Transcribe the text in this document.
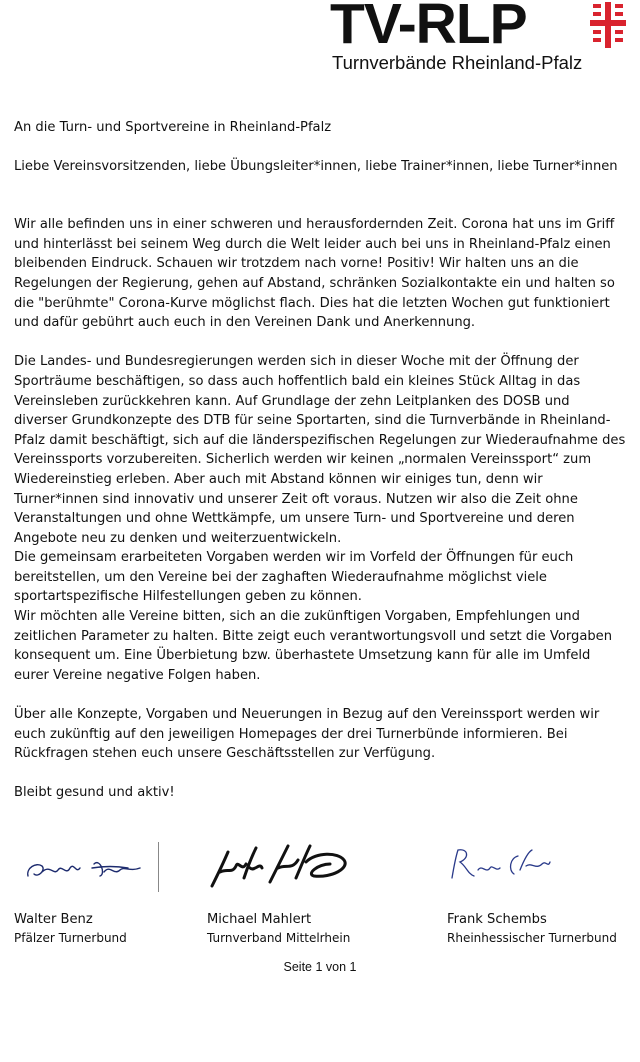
TV-RLP
Turnverbände Rheinland-Pfalz

An die Turn- und Sportvereine in Rheinland-Pfalz

Liebe Vereinsvorsitzenden, liebe Übungsleiter*innen, liebe Trainer*innen, liebe Turner*innen

Wir alle befinden uns in einer schweren und herausfordernden Zeit. Corona hat uns im Griff und hinterlässt bei seinem Weg durch die Welt leider auch bei uns in Rheinland-Pfalz einen bleibenden Eindruck. Schauen wir trotzdem nach vorne! Positiv! Wir halten uns an die Regelungen der Regierung, gehen auf Abstand, schränken Sozialkontakte ein und halten so die "berühmte" Corona-Kurve möglichst flach. Dies hat die letzten Wochen gut funktioniert und dafür gebührt auch euch in den Vereinen Dank und Anerkennung.

Die Landes- und Bundesregierungen werden sich in dieser Woche mit der Öffnung der Sporträume beschäftigen, so dass auch hoffentlich bald ein kleines Stück Alltag in das Vereinsleben zurückkehren kann. Auf Grundlage der zehn Leitplanken des DOSB und diverser Grundkonzepte des DTB für seine Sportarten, sind die Turnverbände in Rheinland-Pfalz damit beschäftigt, sich auf die länderspezifischen Regelungen zur Wiederaufnahme des Vereinssports vorzubereiten. Sicherlich werden wir keinen „normalen Vereinssport“ zum Wiedereinstieg erleben. Aber auch mit Abstand können wir einiges tun, denn wir Turner*innen sind innovativ und unserer Zeit oft voraus. Nutzen wir also die Zeit ohne Veranstaltungen und ohne Wettkämpfe, um unsere Turn- und Sportvereine und deren Angebote neu zu denken und weiterzuentwickeln.

Die gemeinsam erarbeiteten Vorgaben werden wir im Vorfeld der Öffnungen für euch bereitstellen, um den Vereine bei der zaghaften Wiederaufnahme möglichst viele sportartspezifische Hilfestellungen geben zu können.

Wir möchten alle Vereine bitten, sich an die zukünftigen Vorgaben, Empfehlungen und zeitlichen Parameter zu halten. Bitte zeigt euch verantwortungsvoll und setzt die Vorgaben konsequent um. Eine Überbietung bzw. überhastete Umsetzung kann für alle im Umfeld eurer Vereine negative Folgen haben.

Über alle Konzepte, Vorgaben und Neuerungen in Bezug auf den Vereinssport werden wir euch zukünftig auf den jeweiligen Homepages der drei Turnerbünde informieren. Bei Rückfragen stehen euch unsere Geschäftsstellen zur Verfügung.

Bleibt gesund und aktiv!

Walter Benz
Pfälzer Turnerbund
Michael Mahlert
Turnverband Mittelrhein
Frank Schembs
Rheinhessischer Turnerbund
Seite 1 von 1
